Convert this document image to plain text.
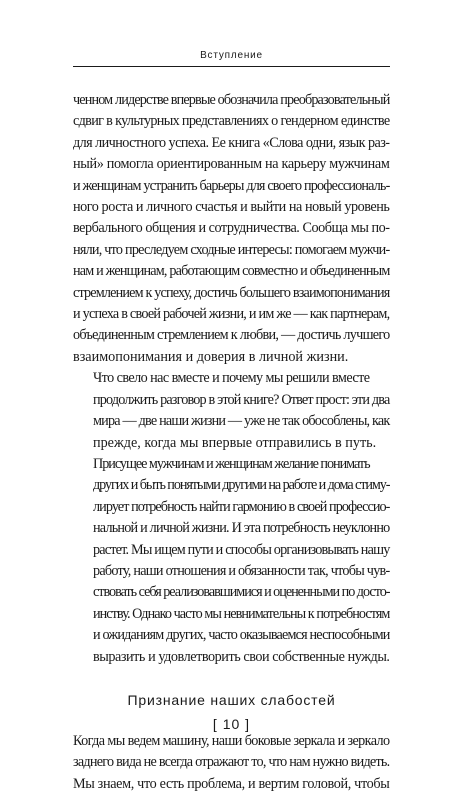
Вступление

ченном лидерстве впервые обозначила преобразовательный
сдвиг в культурных представлениях о гендерном единстве
для личностного успеха. Ее книга «Слова одни, язык раз-
ный» помогла ориентированным на карьеру мужчинам
и женщинам устранить барьеры для своего профессиональ-
ного роста и личного счастья и выйти на новый уровень
вербального общения и сотрудничества. Сообща мы по-
няли, что преследуем сходные интересы: помогаем мужчи-
нам и женщинам, работающим совместно и объединенным
стремлением к успеху, достичь большего взаимопонимания
и успеха в своей рабочей жизни, и им же — как партнерам,
объединенным стремлением к любви, — достичь лучшего
взаимопонимания и доверия в личной жизни.

Что свело нас вместе и почему мы решили вместе
продолжить разговор в этой книге? Ответ прост: эти два
мира — две наши жизни — уже не так обособлены, как
прежде, когда мы впервые отправились в путь.

Присущее мужчинам и женщинам желание понимать
других и быть понятыми другими на работе и дома стиму-
лирует потребность найти гармонию в своей профессио-
нальной и личной жизни. И эта потребность неуклонно
растет. Мы ищем пути и способы организовывать нашу
работу, наши отношения и обязанности так, чтобы чув-
ствовать себя реализовавшимися и оцененными по досто-
инству. Однако часто мы невнимательны к потребностям
и ожиданиям других, часто оказываемся неспособными
выразить и удовлетворить свои собственные нужды.

Признание наших слабостей

Когда мы ведем машину, наши боковые зеркала и зеркало
заднего вида не всегда отражают то, что нам нужно видеть.
Мы знаем, что есть проблема, и вертим головой, чтобы

[ 10 ]
